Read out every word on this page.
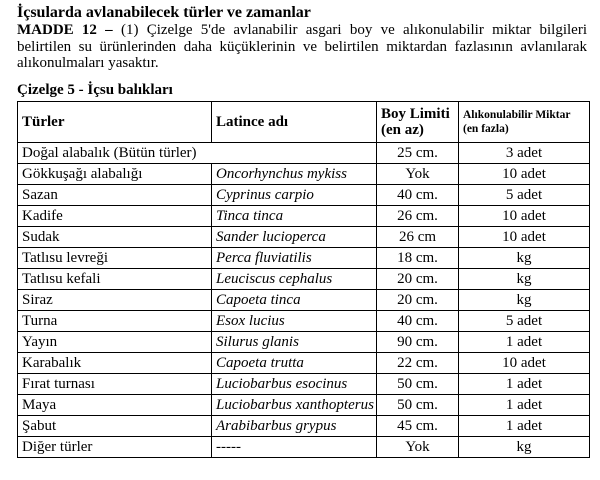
İçsularda avlanabilecek türler ve zamanlar
MADDE 12 – (1) Çizelge 5'de avlanabilir asgari boy ve alıkonulabilir miktar bilgileri
belirtilen su ürünlerinden daha küçüklerinin ve belirtilen miktardan fazlasının avlanılarak
alıkonulmaları yasaktır.
Çizelge 5 - İçsu balıkları
Türler	Latince adı	Boy Limiti (en az)	Alıkonulabilir Miktar (en fazla)
Doğal alabalık (Bütün türler)		25 cm.	3 adet
Gökkuşağı alabalığı	Oncorhynchus mykiss	Yok	10 adet
Sazan	Cyprinus carpio	40 cm.	5 adet
Kadife	Tinca tinca	26 cm.	10 adet
Sudak	Sander lucioperca	26 cm	10 adet
Tatlısu levreği	Perca fluviatilis	18 cm.	kg
Tatlısu kefali	Leuciscus cephalus	20 cm.	kg
Siraz	Capoeta tinca	20 cm.	kg
Turna	Esox lucius	40 cm.	5 adet
Yayın	Silurus glanis	90 cm.	1 adet
Karabalık	Capoeta trutta	22 cm.	10 adet
Fırat turnası	Luciobarbus esocinus	50 cm.	1 adet
Maya	Luciobarbus xanthopterus	50 cm.	1 adet
Şabut	Arabibarbus grypus	45 cm.	1 adet
Diğer türler	-----	Yok	kg
